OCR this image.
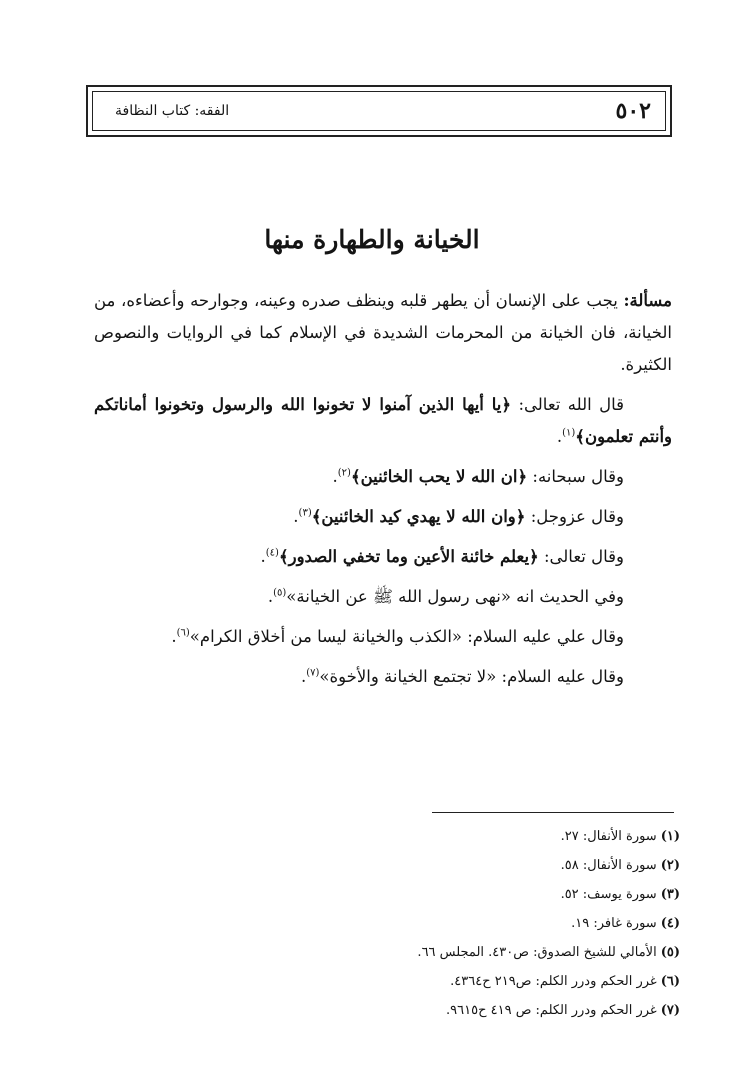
٥٠٢
الفقه: كتاب النظافة
الخيانة والطهارة منها

مسألة: يجب على الإنسان أن يطهر قلبه وينظف صدره وعينه، وجوارحه وأعضاءه، من الخيانة، فان الخيانة من المحرمات الشديدة في الإسلام كما في الروايات والنصوص الكثيرة.

قال الله تعالى: ﴿يا أيها الذين آمنوا لا تخونوا الله والرسول وتخونوا أماناتكم وأنتم تعلمون﴾$^{(١)}$.

وقال سبحانه: ﴿ان الله لا يحب الخائنين﴾$^{(٢)}$.

وقال عزوجل: ﴿وان الله لا يهدي كيد الخائنين﴾$^{(٣)}$.

وقال تعالى: ﴿يعلم خائنة الأعين وما تخفي الصدور﴾$^{(٤)}$.

وفي الحديث انه «نهى رسول الله ﷺ عن الخيانة»$^{(٥)}$.

وقال علي عليه السلام: «الكذب والخيانة ليسا من أخلاق الكرام»$^{(٦)}$.

وقال عليه السلام: «لا تجتمع الخيانة والأخوة»$^{(٧)}$.

(١)سورة الأنفال: ٢٧.
(٢)سورة الأنفال: ٥٨.
(٣)سورة يوسف: ٥٢.
(٤)سورة غافر: ١٩.
(٥)الأمالي للشيخ الصدوق: ص٤٣٠. المجلس ٦٦.
(٦)غرر الحكم ودرر الكلم: ص٢١٩ ح٤٣٦٤.
(٧)غرر الحكم ودرر الكلم: ص ٤١٩ ح٩٦١٥.
